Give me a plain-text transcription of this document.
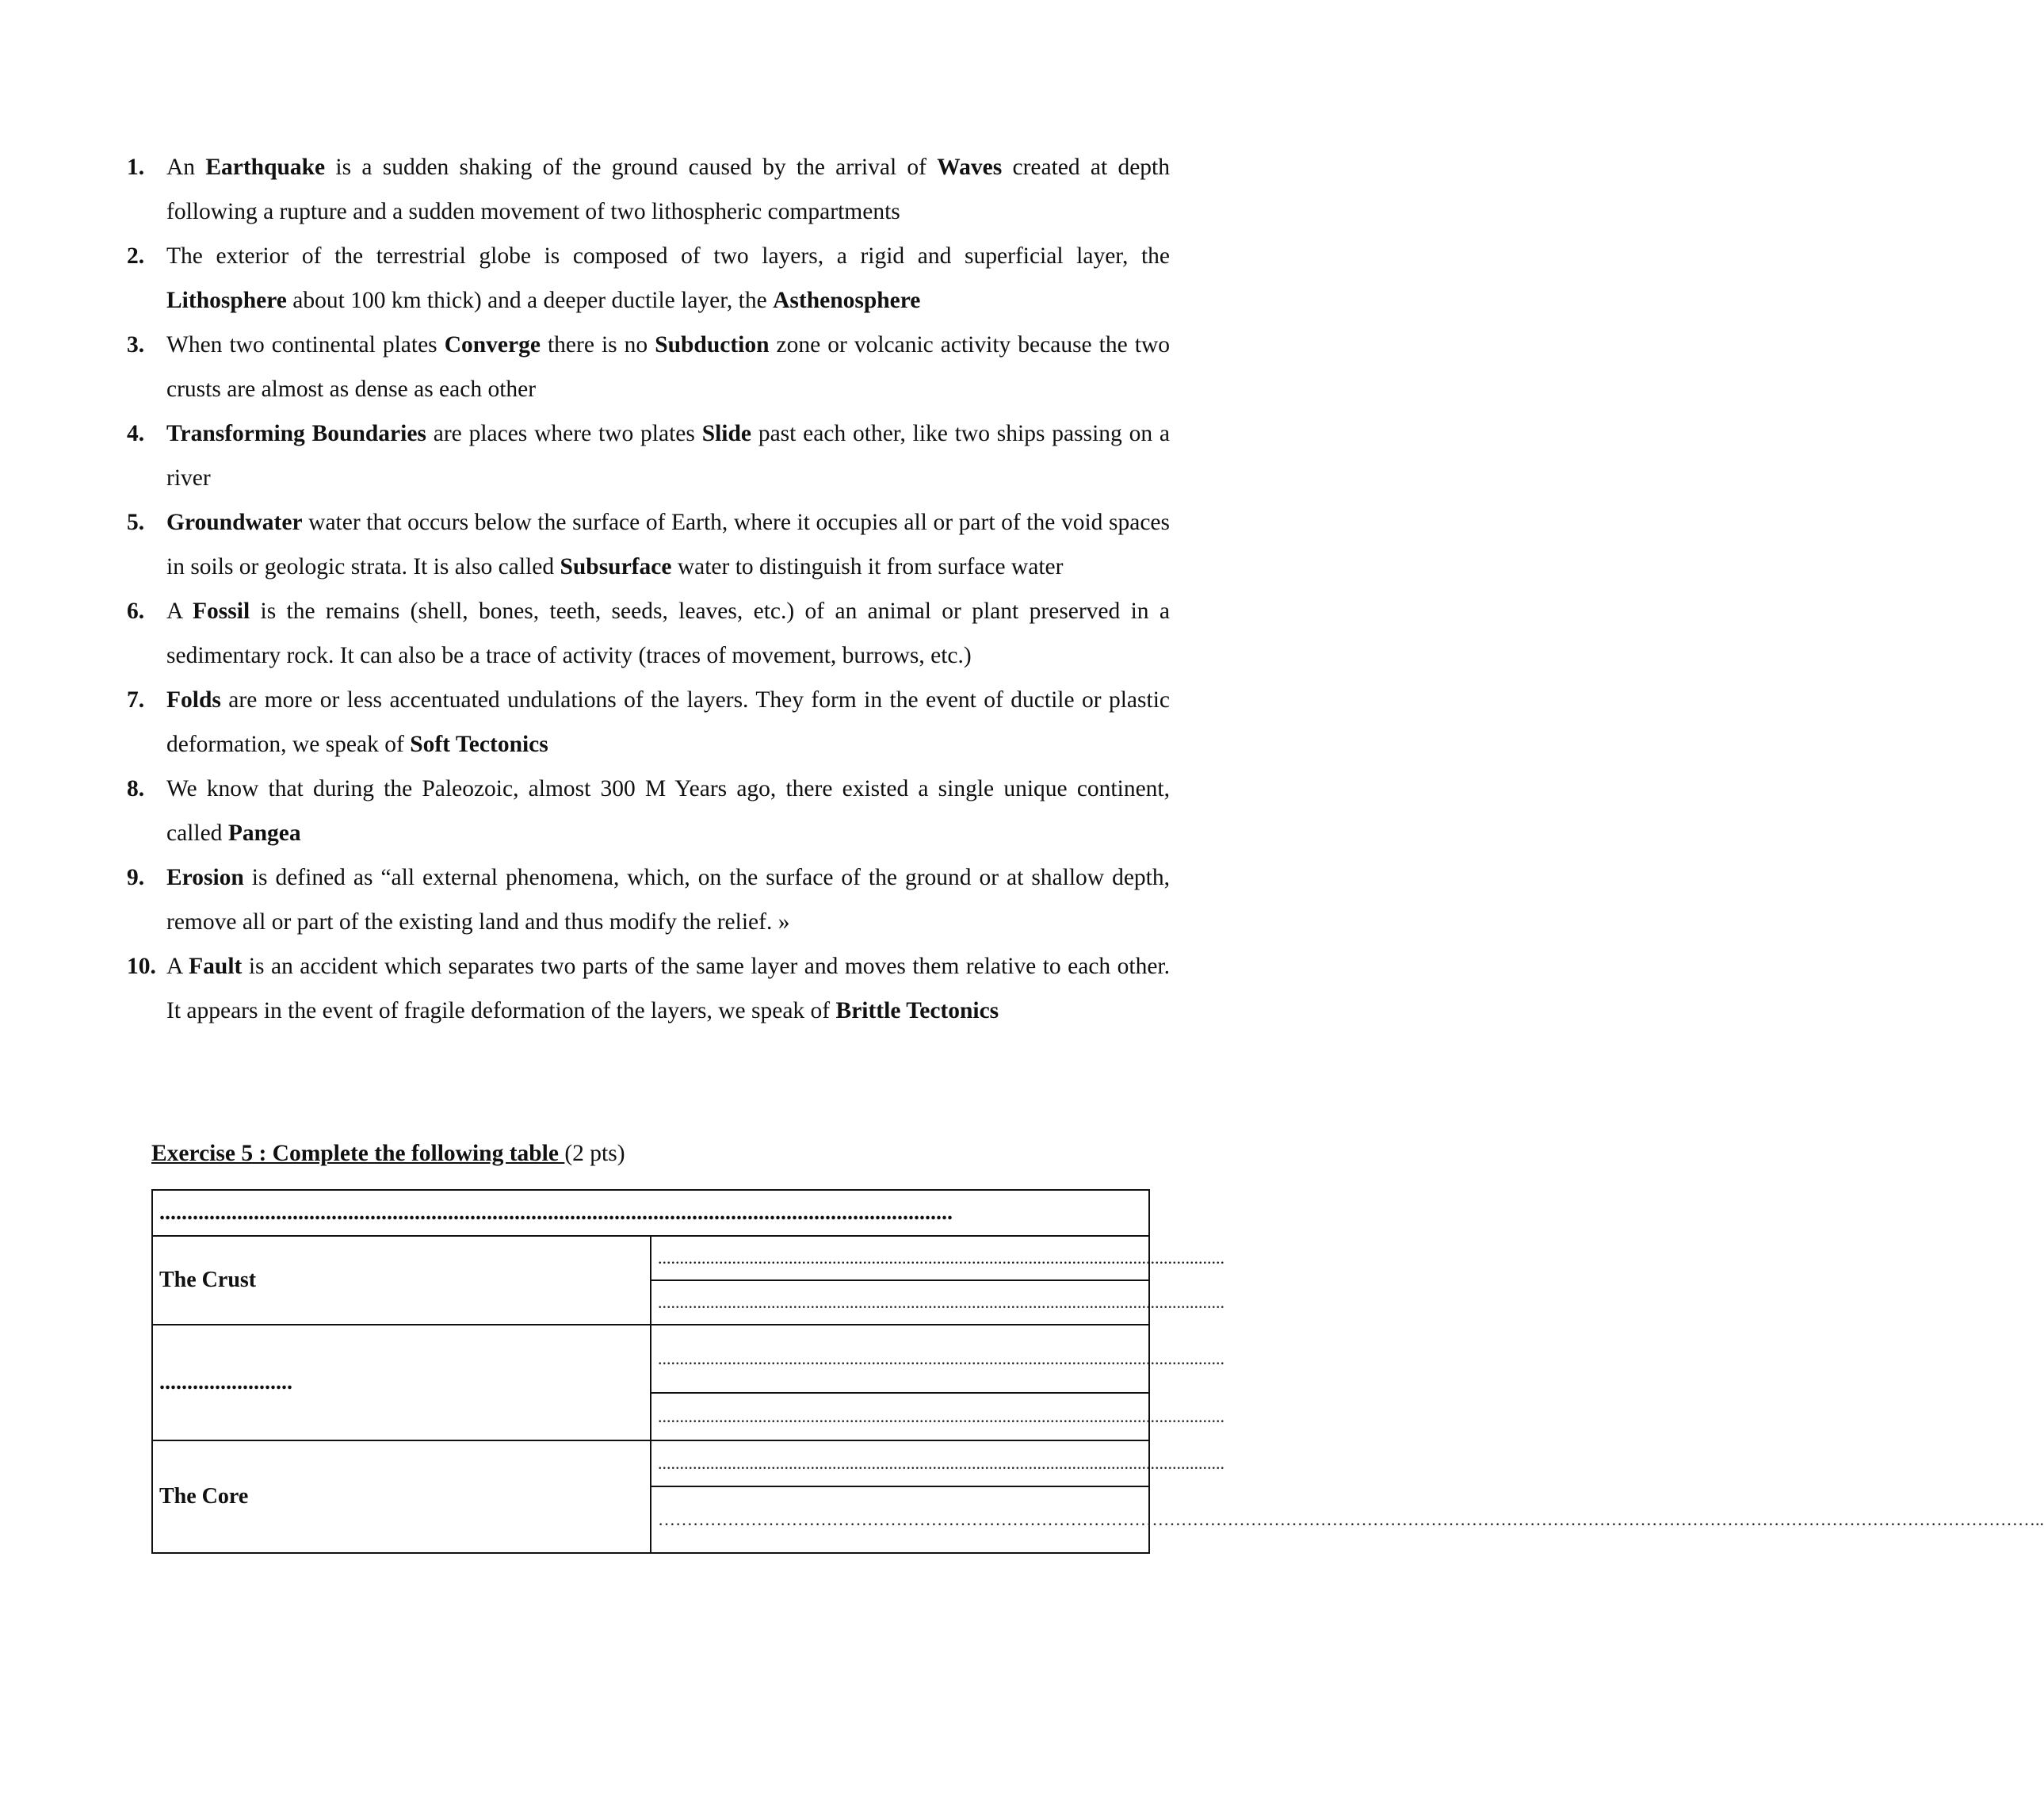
1. An Earthquake is a sudden shaking of the ground caused by the arrival of Waves created at depth following a rupture and a sudden movement of two lithospheric compartments
2. The exterior of the terrestrial globe is composed of two layers, a rigid and superficial layer, the Lithosphere about 100 km thick) and a deeper ductile layer, the Asthenosphere
3. When two continental plates Converge there is no Subduction zone or volcanic activity because the two crusts are almost as dense as each other
4. Transforming Boundaries are places where two plates Slide past each other, like two ships passing on a river
5. Groundwater water that occurs below the surface of Earth, where it occupies all or part of the void spaces in soils or geologic strata. It is also called Subsurface water to distinguish it from surface water
6. A Fossil is the remains (shell, bones, teeth, seeds, leaves, etc.) of an animal or plant preserved in a sedimentary rock. It can also be a trace of activity (traces of movement, burrows, etc.)
7. Folds are more or less accentuated undulations of the layers. They form in the event of ductile or plastic deformation, we speak of Soft Tectonics
8. We know that during the Paleozoic, almost 300 M Years ago, there existed a single unique continent, called Pangea
9. Erosion is defined as “all external phenomena, which, on the surface of the ground or at shallow depth, remove all or part of the existing land and thus modify the relief. »
10. A Fault is an accident which separates two parts of the same layer and moves them relative to each other. It appears in the event of fragile deformation of the layers, we speak of Brittle Tectonics
Exercise 5 : Complete the following table (2 pts)
...............................................................................................................................................	

The Crust	..................................................................................................................................

	..................................................................................................................................

........................	..................................................................................................................................

	..................................................................................................................................

The Core	..................................................................................................................................

	…………………………………………………………………………………………………………………………………………………………………………………………………………………..
